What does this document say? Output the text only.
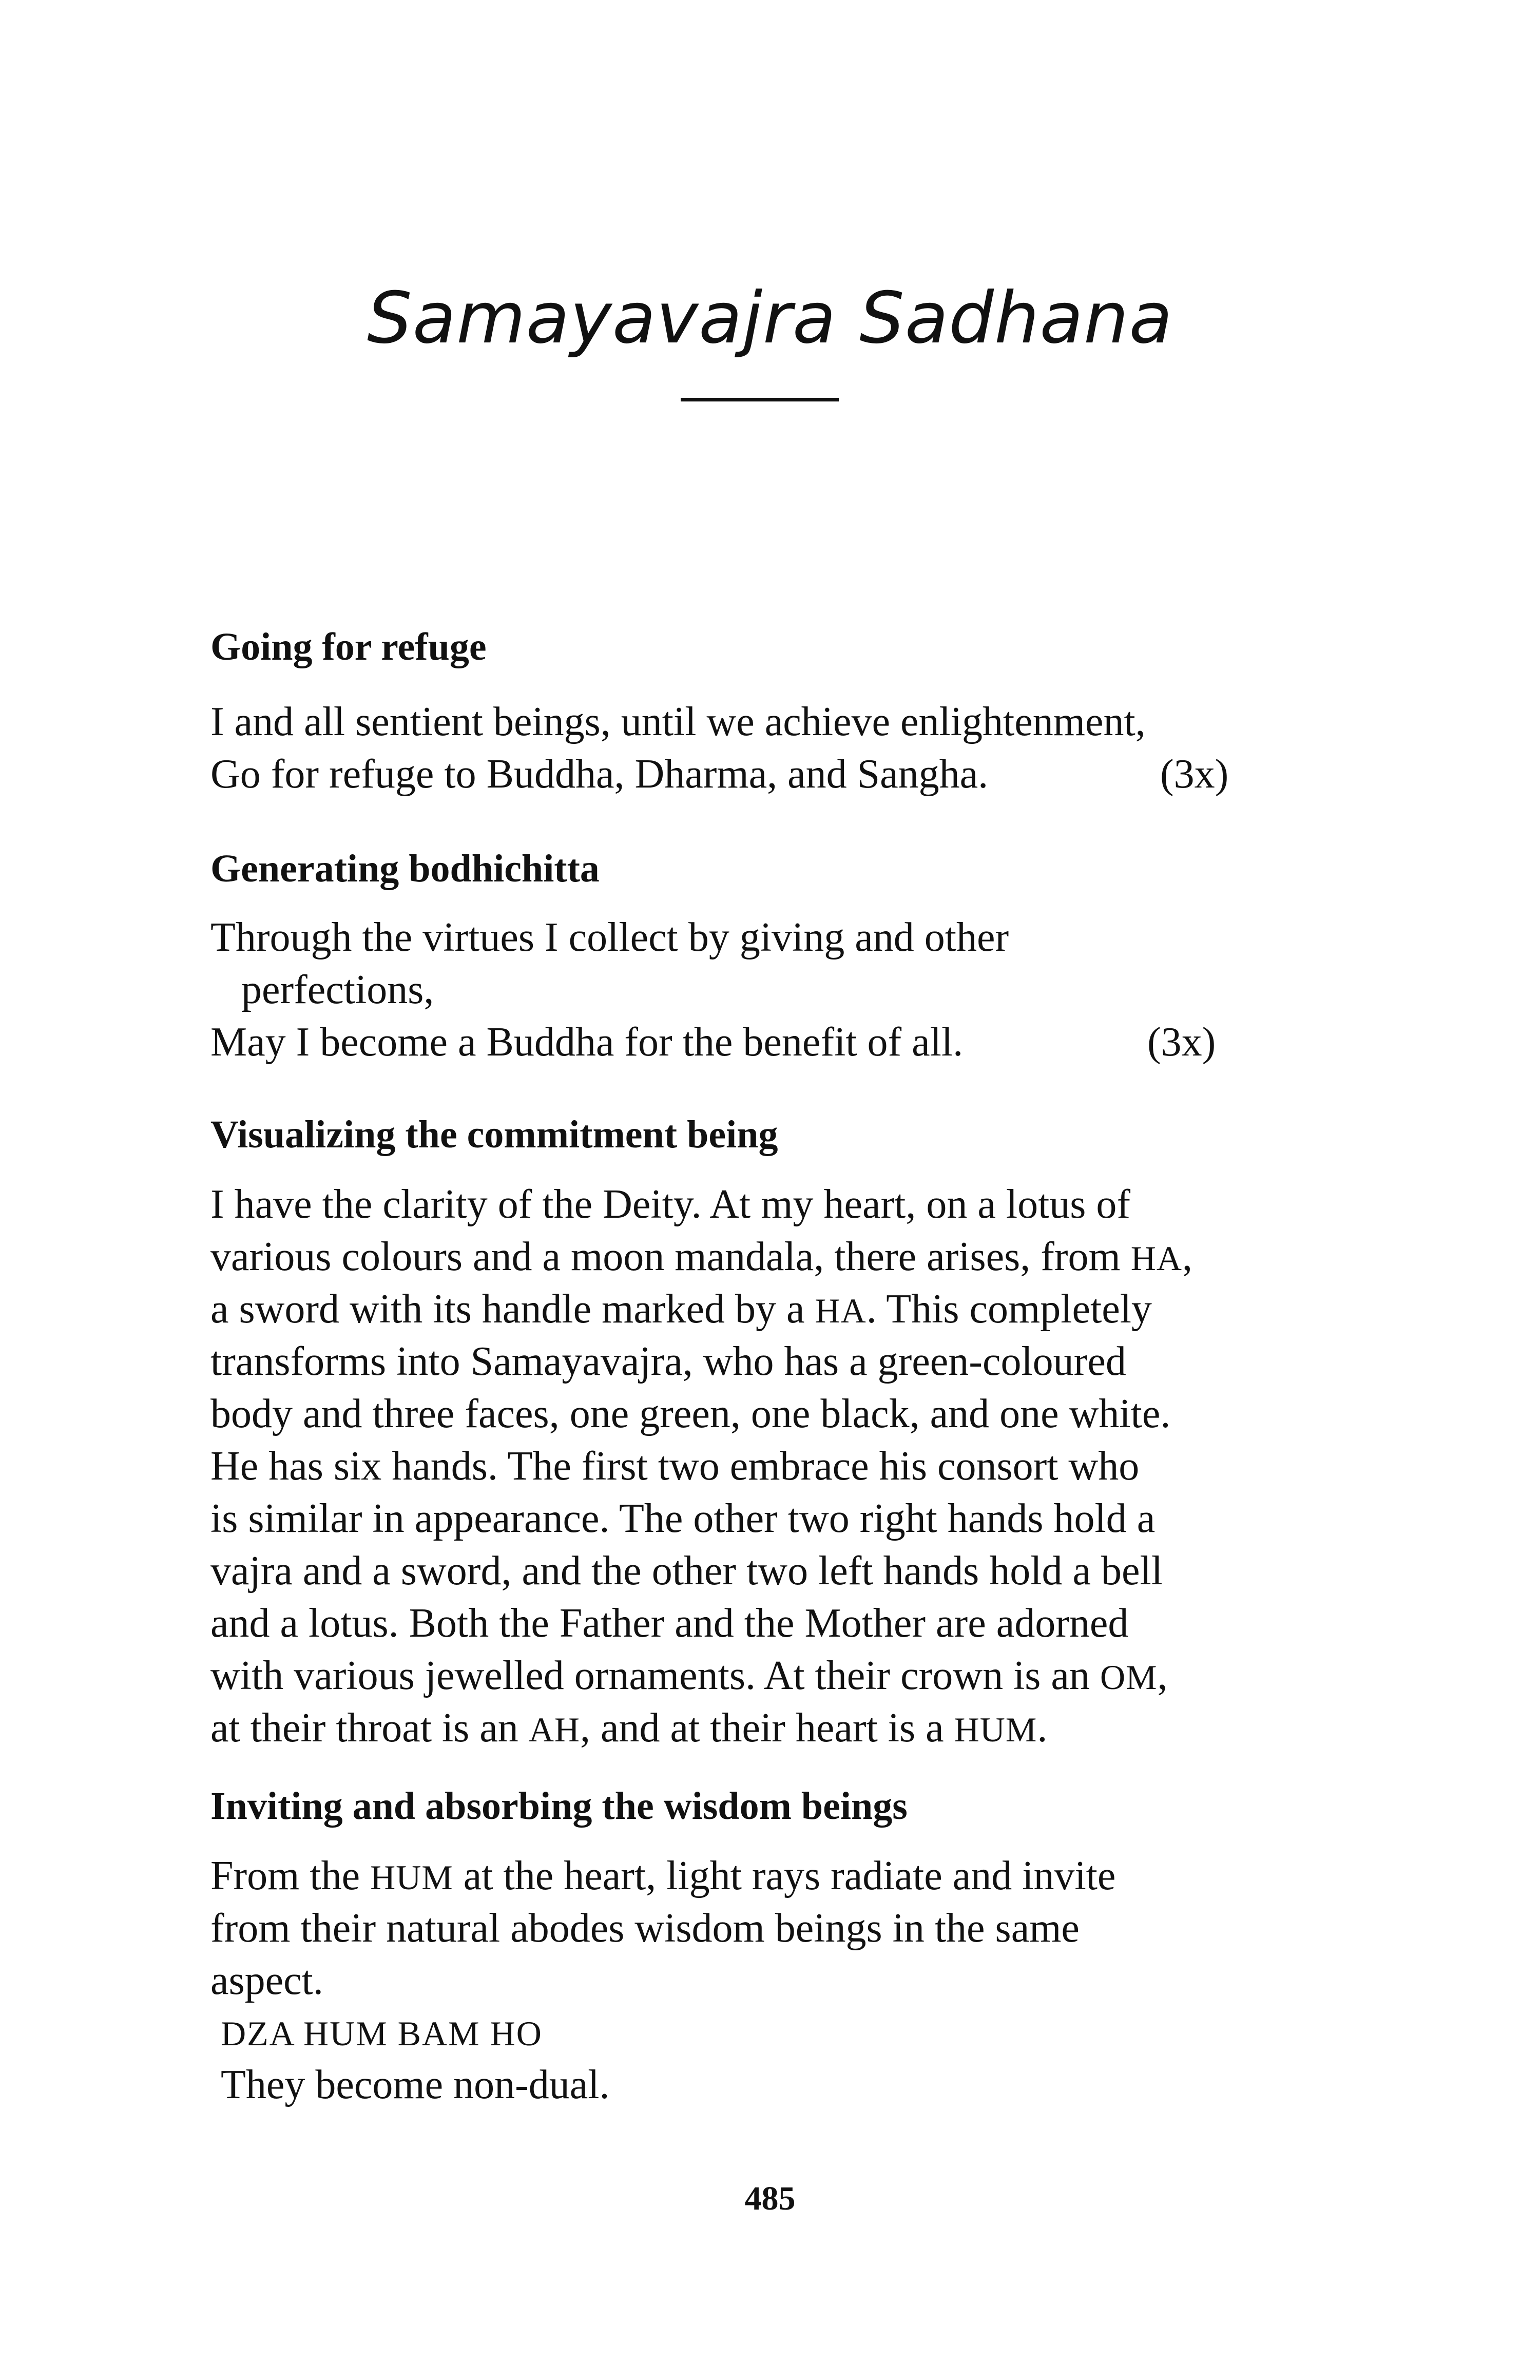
Samayavajra Sadhana
Going for refuge
I and all sentient beings, until we achieve enlightenment,
Go for refuge to Buddha, Dharma, and Sangha.	(3x)
Generating bodhichitta
Through the virtues I collect by giving and other
perfections,
May I become a Buddha for the benefit of all.	(3x)
Visualizing the commitment being
I have the clarity of the Deity. At my heart, on a lotus of
various colours and a moon mandala, there arises, from HA,
a sword with its handle marked by a HA. This completely
transforms into Samayavajra, who has a green-coloured
body and three faces, one green, one black, and one white.
He has six hands. The first two embrace his consort who
is similar in appearance. The other two right hands hold a
vajra and a sword, and the other two left hands hold a bell
and a lotus. Both the Father and the Mother are adorned
with various jewelled ornaments. At their crown is an OM,
at their throat is an AH, and at their heart is a HUM.
Inviting and absorbing the wisdom beings
From the HUM at the heart, light rays radiate and invite
from their natural abodes wisdom beings in the same
aspect.
DZA HUM BAM HO
They become non-dual.
485
